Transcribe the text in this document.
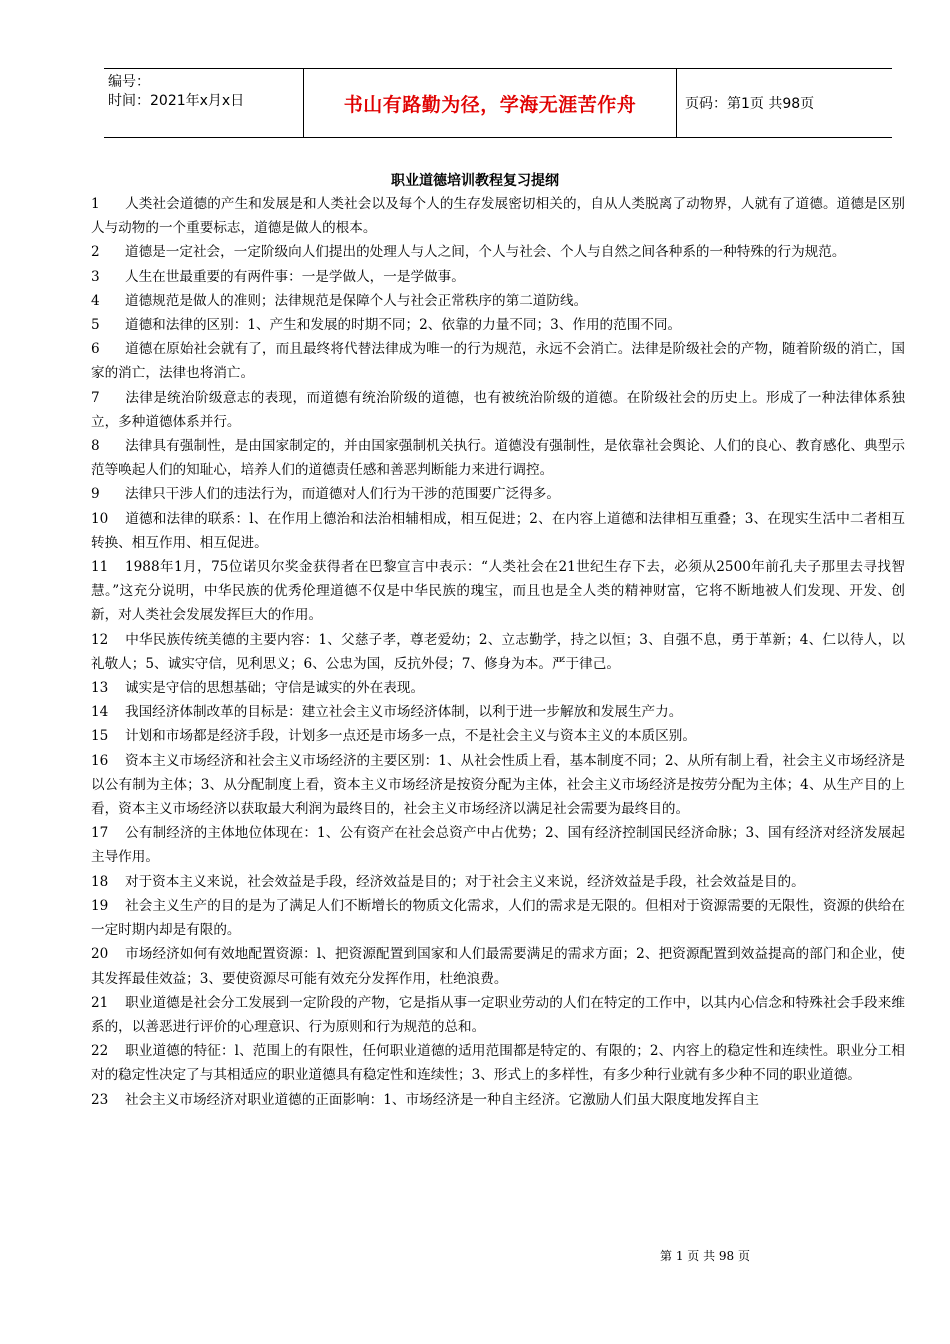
编号：
时间：2021年x月x日	书山有路勤为径，学海无涯苦作舟	页码：第1页 共98页
职业道德培训教程复习提纲

1 人类社会道德的产生和发展是和人类社会以及每个人的生存发展密切相关的，自从人类脱离了动物界，人就有了道德。道德是区别人与动物的一个重要标志，道德是做人的根本。

2 道德是一定社会，一定阶级向人们提出的处理人与人之间，个人与社会、个人与自然之间各种系的一种特殊的行为规范。

3 人生在世最重要的有两件事：一是学做人，一是学做事。

4 道德规范是做人的准则；法律规范是保障个人与社会正常秩序的第二道防线。

5 道德和法律的区别：1、产生和发展的时期不同；2、依靠的力量不同；3、作用的范围不同。

6 道德在原始社会就有了，而且最终将代替法律成为唯一的行为规范，永远不会消亡。法律是阶级社会的产物，随着阶级的消亡，国家的消亡，法律也将消亡。

7 法律是统治阶级意志的表现，而道德有统治阶级的道德，也有被统治阶级的道德。在阶级社会的历史上。形成了一种法律体系独立，多种道德体系并行。

8 法律具有强制性，是由国家制定的，并由国家强制机关执行。道德没有强制性，是依靠社会舆论、人们的良心、教育感化、典型示范等唤起人们的知耻心，培养人们的道德责任感和善恶判断能力来进行调控。

9 法律只干涉人们的违法行为，而道德对人们行为干涉的范围要广泛得多。

10 道德和法律的联系：l、在作用上德治和法治相辅相成，相互促进；2、在内容上道德和法律相互重叠；3、在现实生活中二者相互转换、相互作用、相互促进。

11 1988年1月，75位诺贝尔奖金获得者在巴黎宣言中表示：“人类社会在21世纪生存下去，必须从2500年前孔夫子那里去寻找智慧。”这充分说明，中华民族的优秀伦理道德不仅是中华民族的瑰宝，而且也是全人类的精神财富，它将不断地被人们发现、开发、创新，对人类社会发展发挥巨大的作用。

12 中华民族传统美德的主要内容：1、父慈子孝，尊老爱幼；2、立志勤学，持之以恒；3、自强不息，勇于革新；4、仁以待人，以礼敬人；5、诚实守信，见利思义；6、公忠为国，反抗外侵；7、修身为本。严于律己。

13 诚实是守信的思想基础；守信是诚实的外在表现。

14 我国经济体制改革的目标是：建立社会主义市场经济体制，以利于进一步解放和发展生产力。

15 计划和市场都是经济手段，计划多一点还是市场多一点，不是社会主义与资本主义的本质区别。

16 资本主义市场经济和社会主义市场经济的主要区别：1、从社会性质上看，基本制度不同；2、从所有制上看，社会主义市场经济是以公有制为主体；3、从分配制度上看，资本主义市场经济是按资分配为主体，社会主义市场经济是按劳分配为主体；4、从生产目的上看，资本主义市场经济以获取最大利润为最终目的，社会主义市场经济以满足社会需要为最终目的。

17 公有制经济的主体地位体现在：1、公有资产在社会总资产中占优势；2、国有经济控制国民经济命脉；3、国有经济对经济发展起主导作用。

18 对于资本主义来说，社会效益是手段，经济效益是目的；对于社会主义来说，经济效益是手段，社会效益是目的。

19 社会主义生产的目的是为了满足人们不断增长的物质文化需求，人们的需求是无限的。但相对于资源需要的无限性，资源的供给在一定时期内却是有限的。

20 市场经济如何有效地配置资源：l、把资源配置到国家和人们最需要满足的需求方面；2、把资源配置到效益提高的部门和企业，使其发挥最佳效益；3、要使资源尽可能有效充分发挥作用，杜绝浪费。

21 职业道德是社会分工发展到一定阶段的产物，它是指从事一定职业劳动的人们在特定的工作中，以其内心信念和特殊社会手段来维系的，以善恶进行评价的心理意识、行为原则和行为规范的总和。

22 职业道德的特征：l、范围上的有限性，任何职业道德的适用范围都是特定的、有限的；2、内容上的稳定性和连续性。职业分工相对的稳定性决定了与其相适应的职业道德具有稳定性和连续性；3、形式上的多样性，有多少种行业就有多少种不同的职业道德。

23 社会主义市场经济对职业道德的正面影响：1、市场经济是一种自主经济。它激励人们虽大限度地发挥自主

第 1 页 共 98 页
